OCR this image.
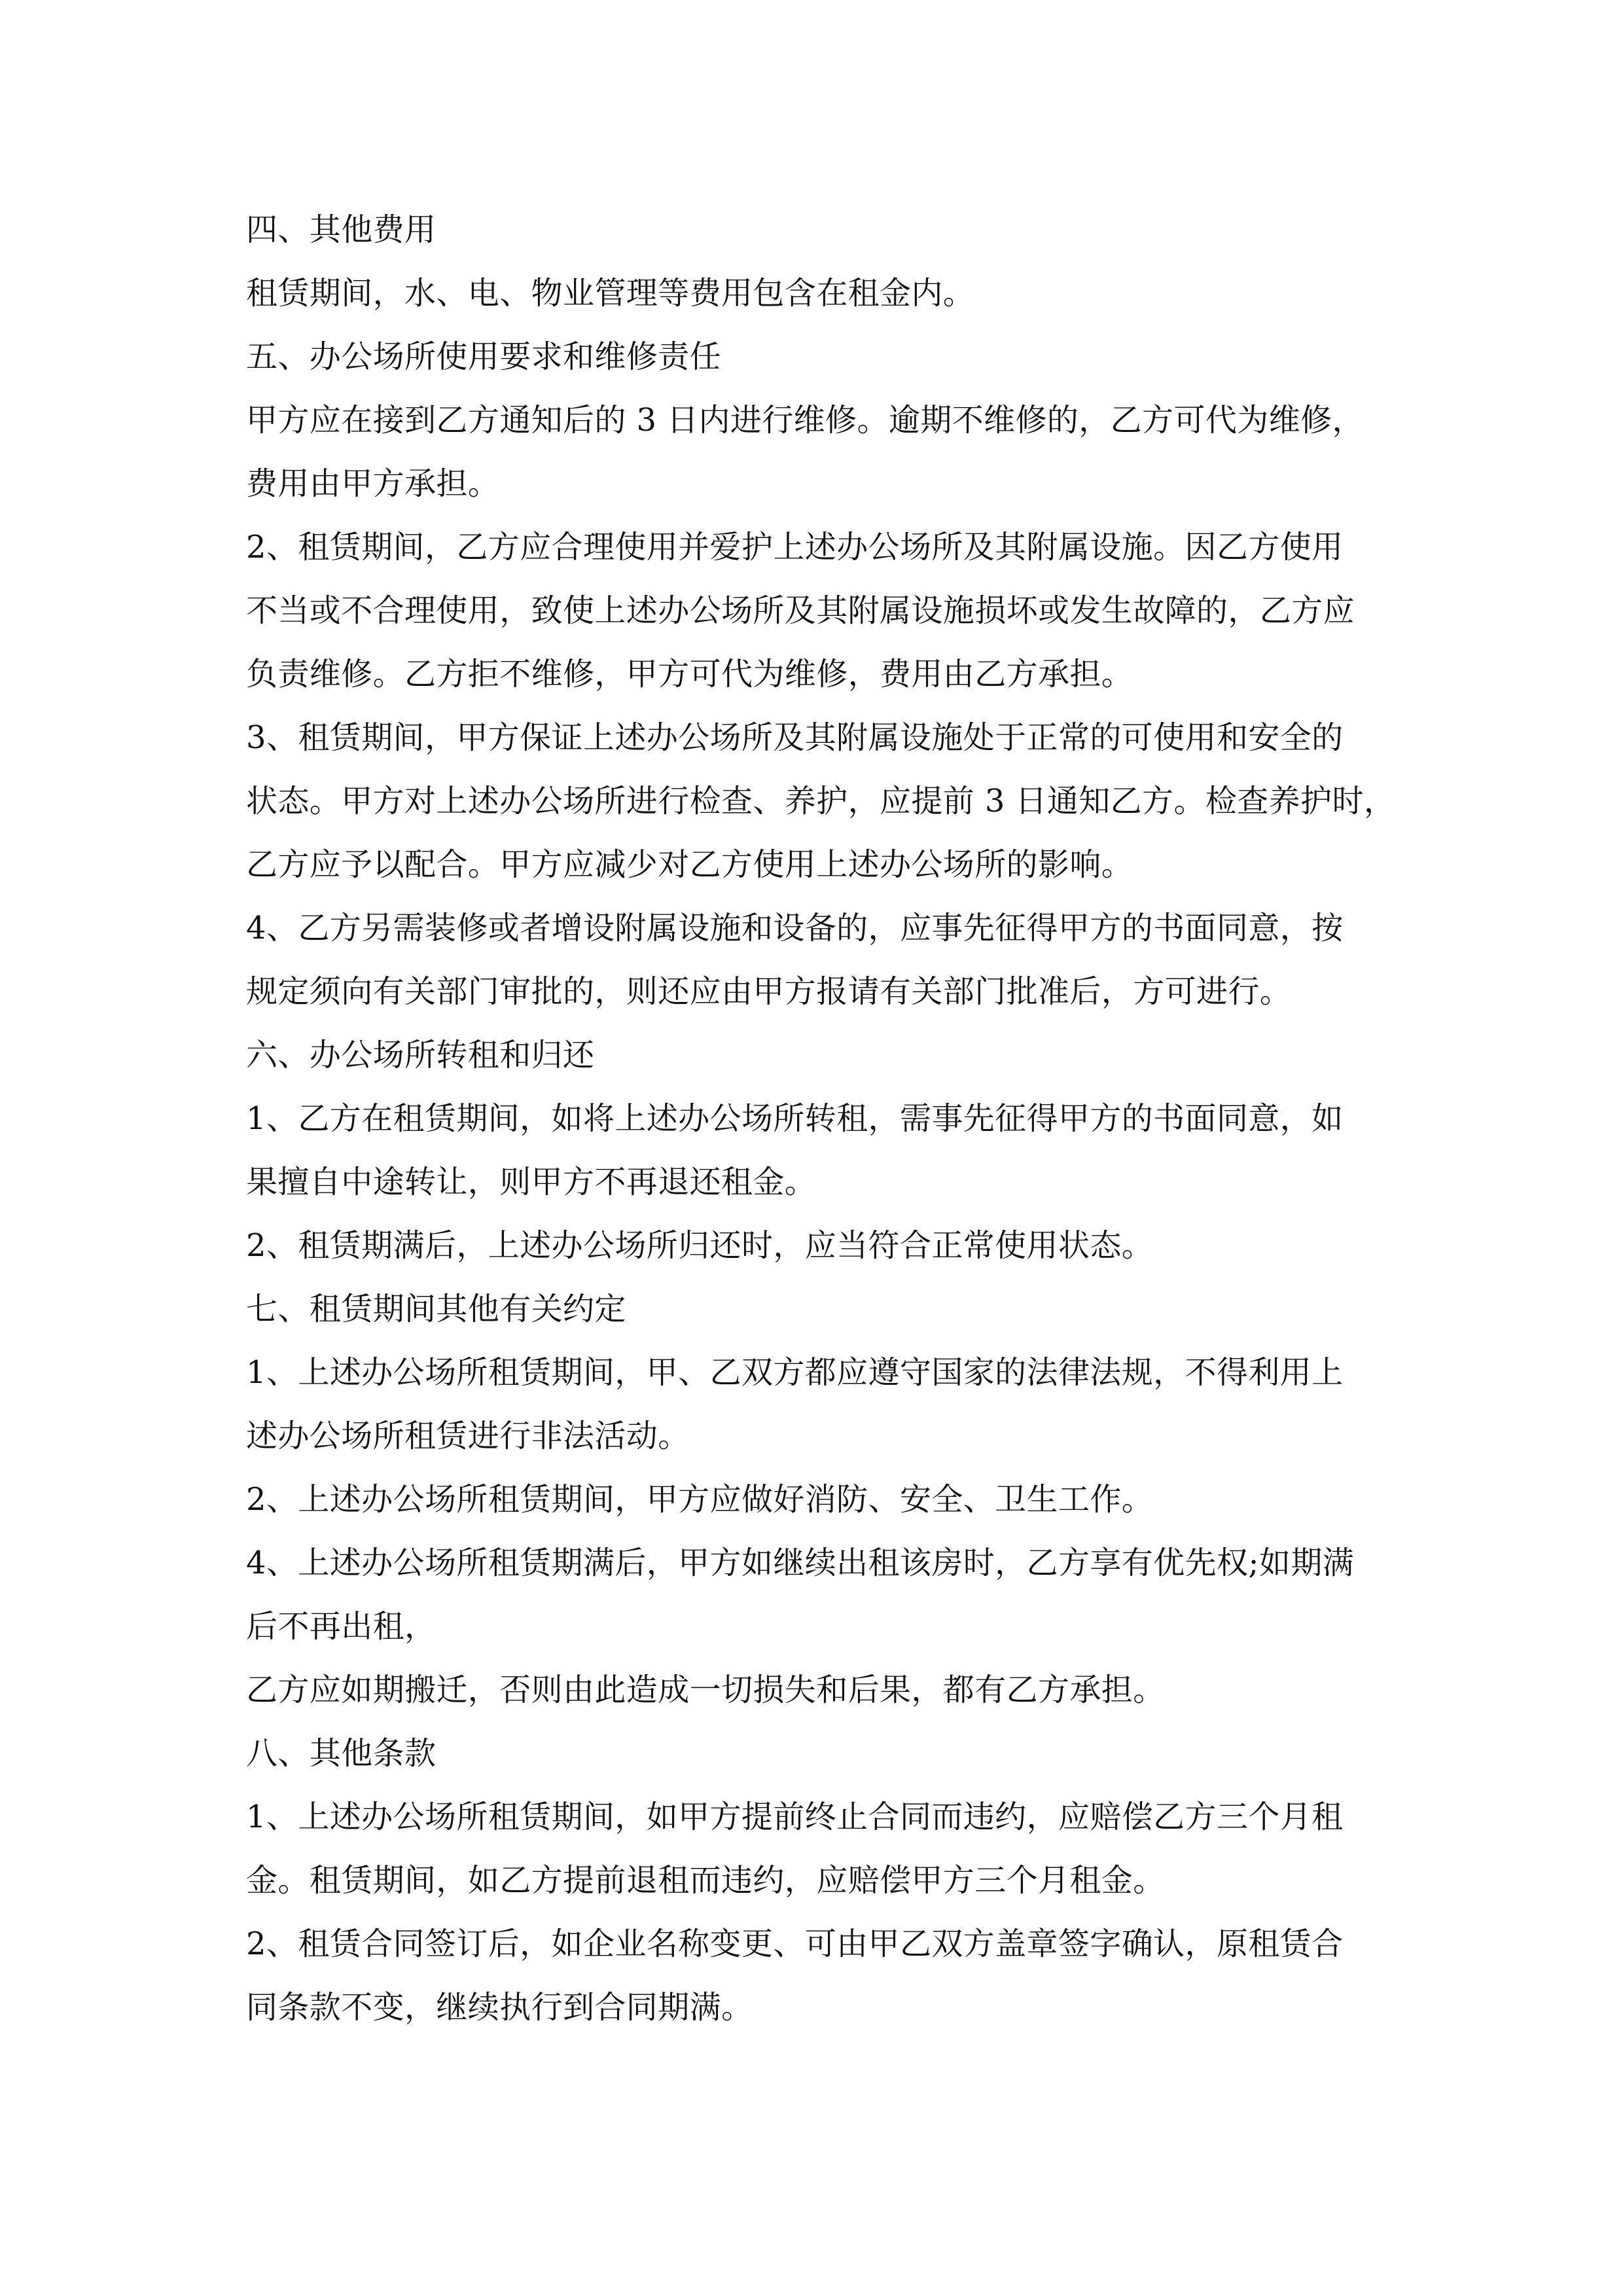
四、其他费用
租赁期间，水、电、物业管理等费用包含在租金内。
五、办公场所使用要求和维修责任
甲方应在接到乙方通知后的 3 日内进行维修。逾期不维修的，乙方可代为维修，
费用由甲方承担。
2、租赁期间，乙方应合理使用并爱护上述办公场所及其附属设施。因乙方使用
不当或不合理使用，致使上述办公场所及其附属设施损坏或发生故障的，乙方应
负责维修。乙方拒不维修，甲方可代为维修，费用由乙方承担。
3、租赁期间，甲方保证上述办公场所及其附属设施处于正常的可使用和安全的
状态。甲方对上述办公场所进行检查、养护，应提前 3 日通知乙方。检查养护时，
乙方应予以配合。甲方应减少对乙方使用上述办公场所的影响。
4、乙方另需装修或者增设附属设施和设备的，应事先征得甲方的书面同意，按
规定须向有关部门审批的，则还应由甲方报请有关部门批准后，方可进行。
六、办公场所转租和归还
1、乙方在租赁期间，如将上述办公场所转租，需事先征得甲方的书面同意，如
果擅自中途转让，则甲方不再退还租金。
2、租赁期满后，上述办公场所归还时，应当符合正常使用状态。
七、租赁期间其他有关约定
1、上述办公场所租赁期间，甲、乙双方都应遵守国家的法律法规，不得利用上
述办公场所租赁进行非法活动。
2、上述办公场所租赁期间，甲方应做好消防、安全、卫生工作。
4、上述办公场所租赁期满后，甲方如继续出租该房时，乙方享有优先权;如期满
后不再出租，
乙方应如期搬迁，否则由此造成一切损失和后果，都有乙方承担。
八、其他条款
1、上述办公场所租赁期间，如甲方提前终止合同而违约，应赔偿乙方三个月租
金。租赁期间，如乙方提前退租而违约，应赔偿甲方三个月租金。
2、租赁合同签订后，如企业名称变更、可由甲乙双方盖章签字确认，原租赁合
同条款不变，继续执行到合同期满。
